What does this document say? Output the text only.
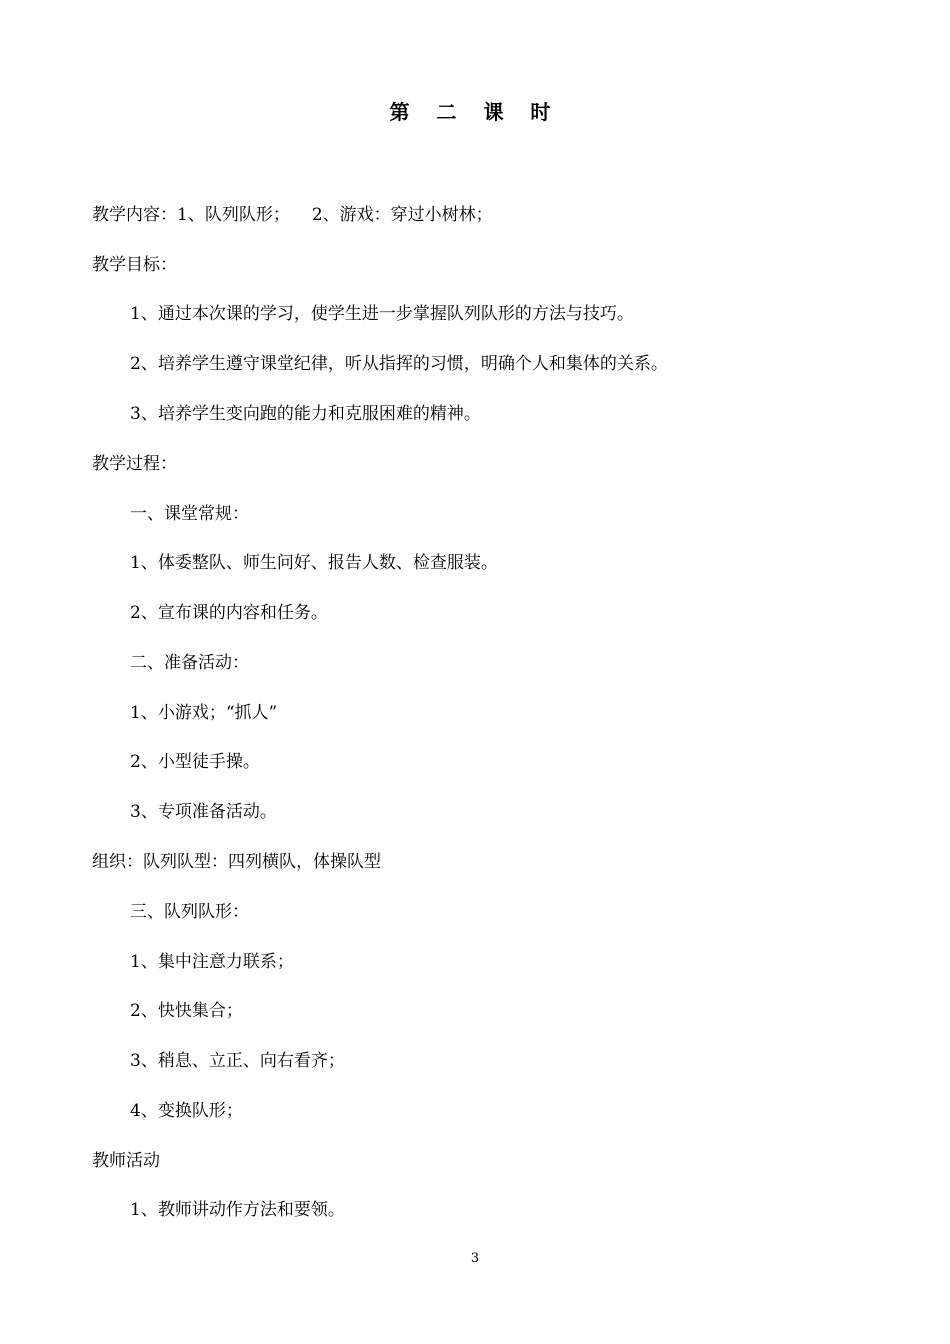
第 二 课 时
教学内容：1、队列队形； 2、游戏：穿过小树林；
教学目标：
1、通过本次课的学习，使学生进一步掌握队列队形的方法与技巧。
2、培养学生遵守课堂纪律，听从指挥的习惯，明确个人和集体的关系。
3、培养学生变向跑的能力和克服困难的精神。
教学过程：
一、课堂常规：
1、体委整队、师生问好、报告人数、检查服装。
2、宣布课的内容和任务。
二、准备活动：
1、小游戏；“抓人”
2、小型徒手操。
3、专项准备活动。
组织：队列队型：四列横队，体操队型
三、队列队形：
1、集中注意力联系；
2、快快集合；
3、稍息、立正、向右看齐；
4、变换队形；
教师活动
1、教师讲动作方法和要领。
3
